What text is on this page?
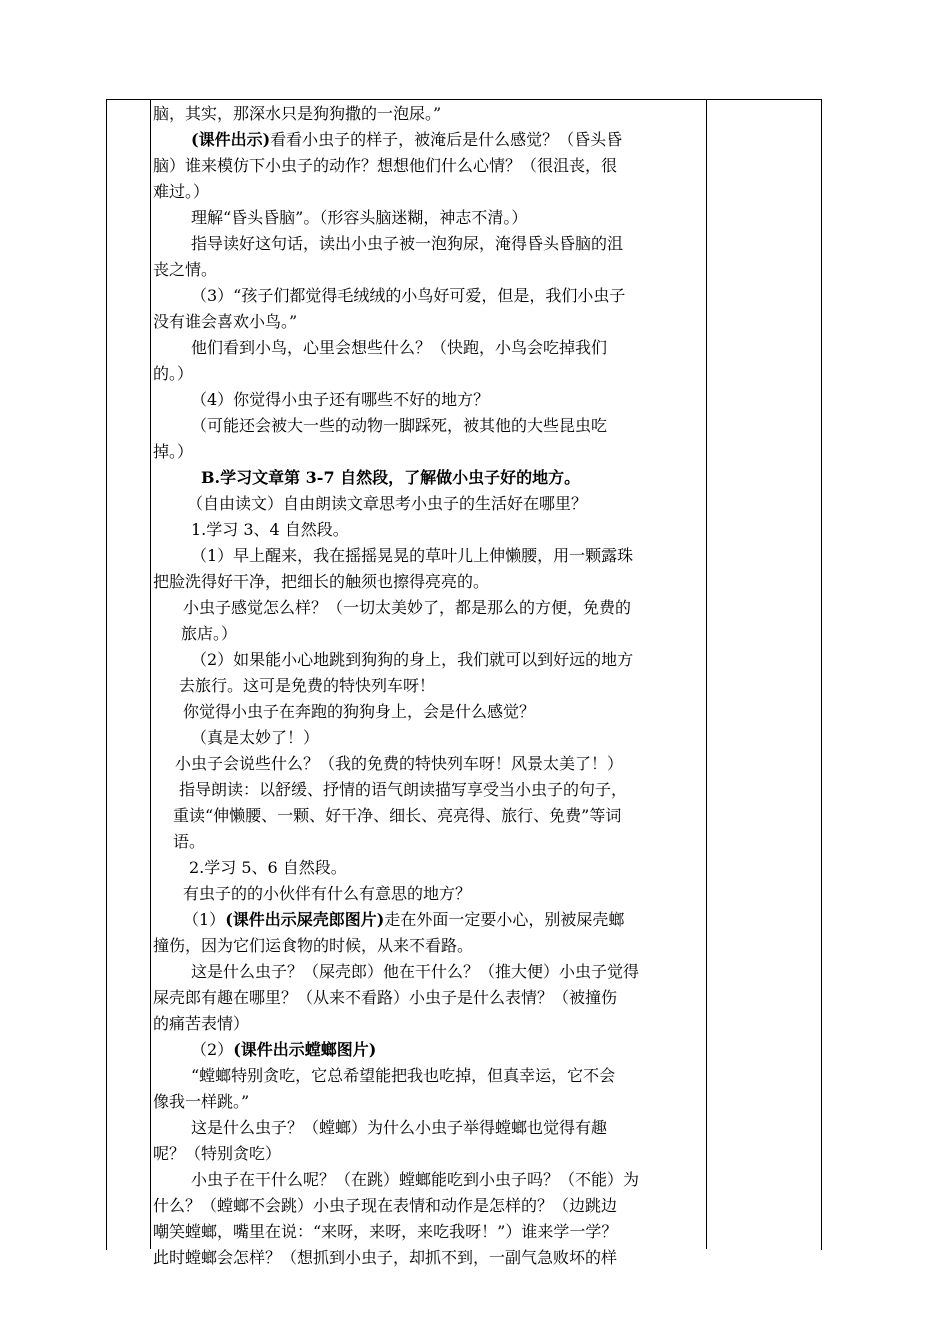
脑，其实，那深水只是狗狗撒的一泡尿。”
(课件出示)看看小虫子的样子，被淹后是什么感觉？（昏头昏
脑）谁来模仿下小虫子的动作？想想他们什么心情？（很沮丧，很
难过。）
理解“昏头昏脑”。（形容头脑迷糊，神志不清。）
指导读好这句话，读出小虫子被一泡狗尿，淹得昏头昏脑的沮
丧之情。
（3）“孩子们都觉得毛绒绒的小鸟好可爱，但是，我们小虫子
没有谁会喜欢小鸟。”
他们看到小鸟，心里会想些什么？（快跑，小鸟会吃掉我们
的。）
（4）你觉得小虫子还有哪些不好的地方？
（可能还会被大一些的动物一脚踩死，被其他的大些昆虫吃
掉。）
B.学习文章第 3-7 自然段，了解做小虫子好的地方。
（自由读文）自由朗读文章思考小虫子的生活好在哪里？
1.学习 3、4 自然段。
（1）早上醒来，我在摇摇晃晃的草叶儿上伸懒腰，用一颗露珠
把脸洗得好干净，把细长的触须也擦得亮亮的。
小虫子感觉怎么样？（一切太美妙了，都是那么的方便，免费的
旅店。）
（2）如果能小心地跳到狗狗的身上，我们就可以到好远的地方
去旅行。这可是免费的特快列车呀！
你觉得小虫子在奔跑的狗狗身上，会是什么感觉？
（真是太妙了！）
小虫子会说些什么？（我的免费的特快列车呀！风景太美了！）
指导朗读：以舒缓、抒情的语气朗读描写享受当小虫子的句子，
重读“伸懒腰、一颗、好干净、细长、亮亮得、旅行、免费”等词
语。
2.学习 5、6 自然段。
有虫子的的小伙伴有什么有意思的地方？
（1）(课件出示屎壳郎图片)走在外面一定要小心，别被屎壳螂
撞伤，因为它们运食物的时候，从来不看路。
这是什么虫子？（屎壳郎）他在干什么？（推大便）小虫子觉得
屎壳郎有趣在哪里？（从来不看路）小虫子是什么表情？（被撞伤
的痛苦表情）
（2）(课件出示螳螂图片)
“螳螂特别贪吃，它总希望能把我也吃掉，但真幸运，它不会
像我一样跳。”
这是什么虫子？（螳螂）为什么小虫子举得螳螂也觉得有趣
呢？（特别贪吃）
小虫子在干什么呢？（在跳）螳螂能吃到小虫子吗？（不能）为
什么？（螳螂不会跳）小虫子现在表情和动作是怎样的？（边跳边
嘲笑螳螂，嘴里在说：“来呀，来呀，来吃我呀！”）谁来学一学？
此时螳螂会怎样？（想抓到小虫子，却抓不到，一副气急败坏的样
